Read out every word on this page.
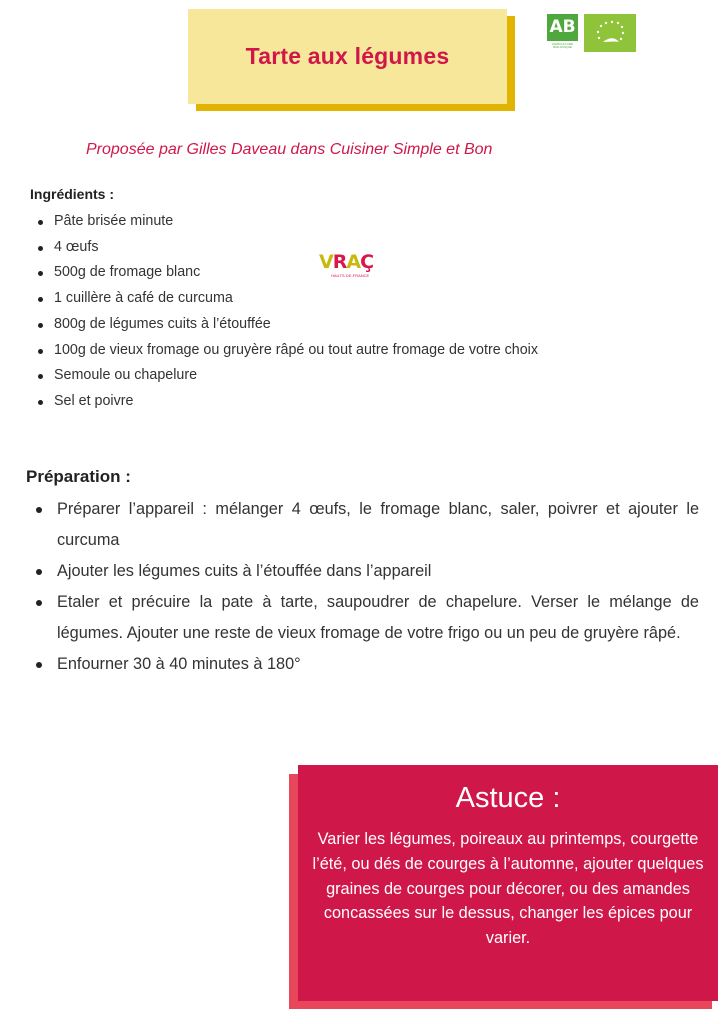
Tarte aux légumes
AB
AGRICULTURE BIOLOGIQUE
Proposée par Gilles Daveau dans Cuisiner Simple et Bon
Ingrédients :
Pâte brisée minute
4 œufs
500g de fromage blanc
1 cuillère à café de curcuma
800g de légumes cuits à l’étouffée
100g de vieux fromage ou gruyère râpé ou tout autre fromage de votre choix
Semoule ou chapelure
Sel et poivre
VRAÇ
HAUTS-DE-FRANCE
Préparation :
Préparer l’appareil : mélanger 4 œufs, le fromage blanc, saler, poivrer et ajouter le curcuma
Ajouter les légumes cuits à l’étouffée dans l’appareil
Etaler et précuire la pate à tarte, saupoudrer de chapelure. Verser le mélange de légumes. Ajouter une reste de vieux fromage de votre frigo ou un peu de gruyère râpé.
Enfourner 30 à 40 minutes à 180°
Astuce :

Varier les légumes, poireaux au printemps, courgette l’été, ou dés de courges à l’automne, ajouter quelques graines de courges pour décorer, ou des amandes concassées sur le dessus, changer les épices pour varier.
